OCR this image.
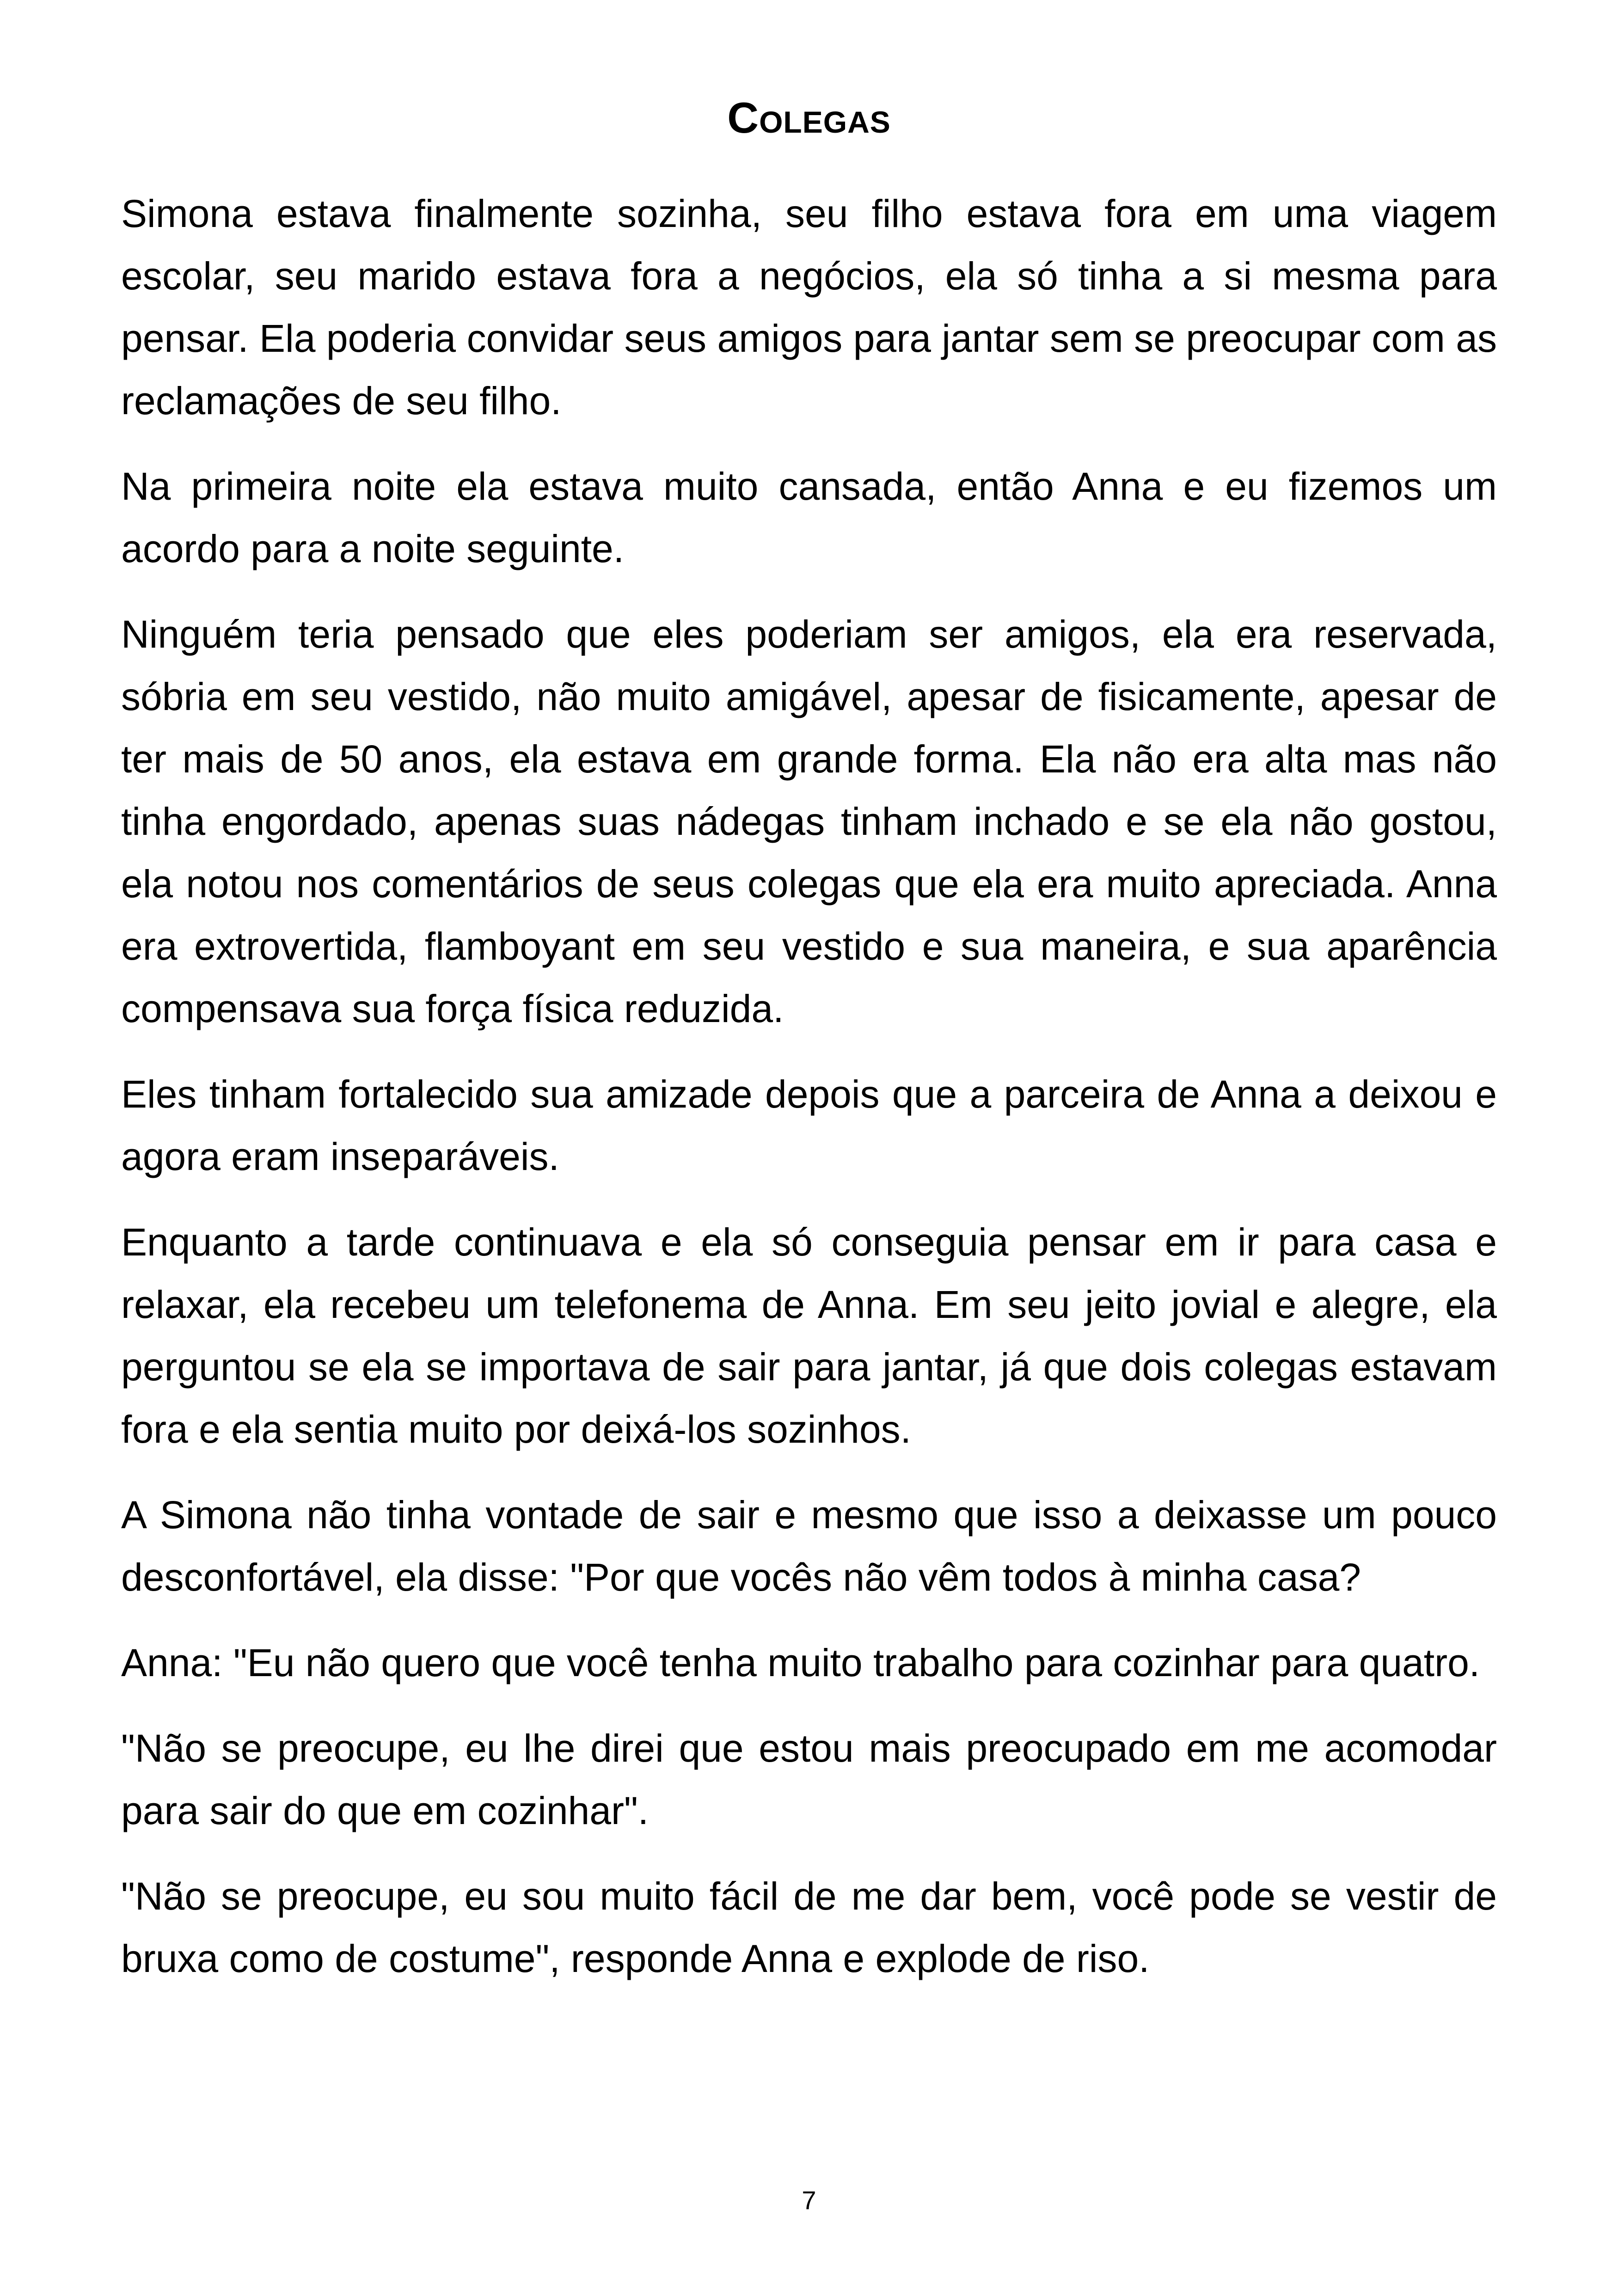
Colegas

Simona estava finalmente sozinha, seu filho estava fora em uma viagem escolar, seu marido estava fora a negócios, ela só tinha a si mesma para pensar. Ela poderia convidar seus amigos para jantar sem se preocupar com as reclamações de seu filho.

Na primeira noite ela estava muito cansada, então Anna e eu fizemos um acordo para a noite seguinte.

Ninguém teria pensado que eles poderiam ser amigos, ela era reservada, sóbria em seu vestido, não muito amigável, apesar de fisicamente, apesar de ter mais de 50 anos, ela estava em grande forma. Ela não era alta mas não tinha engordado, apenas suas nádegas tinham inchado e se ela não gostou, ela notou nos comentários de seus colegas que ela era muito apreciada. Anna era extrovertida, flamboyant em seu vestido e sua maneira, e sua aparência compensava sua força física reduzida.

Eles tinham fortalecido sua amizade depois que a parceira de Anna a deixou e agora eram inseparáveis.

Enquanto a tarde continuava e ela só conseguia pensar em ir para casa e relaxar, ela recebeu um telefonema de Anna. Em seu jeito jovial e alegre, ela perguntou se ela se importava de sair para jantar, já que dois colegas estavam fora e ela sentia muito por deixá-los sozinhos.

A Simona não tinha vontade de sair e mesmo que isso a deixasse um pouco desconfortável, ela disse: "Por que vocês não vêm todos à minha casa?

Anna: "Eu não quero que você tenha muito trabalho para cozinhar para quatro.

"Não se preocupe, eu lhe direi que estou mais preocupado em me acomodar para sair do que em cozinhar".

"Não se preocupe, eu sou muito fácil de me dar bem, você pode se vestir de bruxa como de costume", responde Anna e explode de riso.

7
